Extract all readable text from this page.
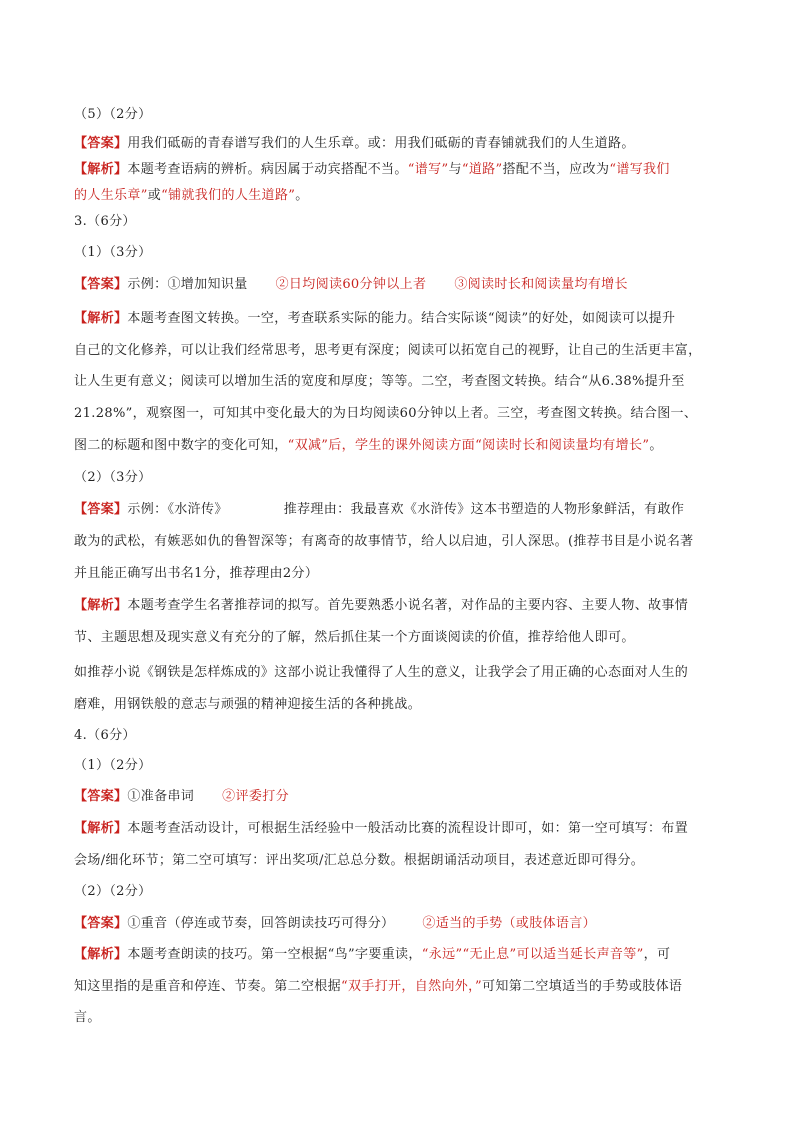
（5）（2分）
【答案】用我们砥砺的青春谱写我们的人生乐章。或：用我们砥砺的青春铺就我们的人生道路。
【解析】本题考查语病的辨析。病因属于动宾搭配不当。“谱写”与“道路”搭配不当，应改为“谱写我们
的人生乐章”或“铺就我们的人生道路”。
3.（6分）
（1）（3分）
【答案】示例：①增加知识量 ②日均阅读60分钟以上者 ③阅读时长和阅读量均有增长
【解析】本题考查图文转换。一空，考查联系实际的能力。结合实际谈“阅读”的好处，如阅读可以提升
自己的文化修养，可以让我们经常思考，思考更有深度；阅读可以拓宽自己的视野，让自己的生活更丰富，
让人生更有意义；阅读可以增加生活的宽度和厚度；等等。二空，考查图文转换。结合“从6.38%提升至
21.28%”，观察图一，可知其中变化最大的为日均阅读60分钟以上者。三空，考查图文转换。结合图一、
图二的标题和图中数字的变化可知，“双减”后，学生的课外阅读方面“阅读时长和阅读量均有增长”。
（2）（3分）
【答案】示例：《水浒传》	推荐理由：我最喜欢《水浒传》这本书塑造的人物形象鲜活，有敢作
敢为的武松，有嫉恶如仇的鲁智深等；有离奇的故事情节，给人以启迪，引人深思。(推荐书目是小说名著
并且能正确写出书名1分，推荐理由2分）
【解析】本题考查学生名著推荐词的拟写。首先要熟悉小说名著，对作品的主要内容、主要人物、故事情
节、主题思想及现实意义有充分的了解，然后抓住某一个方面谈阅读的价值，推荐给他人即可。
如推荐小说《钢铁是怎样炼成的》这部小说让我懂得了人生的意义，让我学会了用正确的心态面对人生的
磨难，用钢铁般的意志与顽强的精神迎接生活的各种挑战。
4.（6分）
（1）（2分）
【答案】①准备串词 ②评委打分
【解析】本题考查活动设计，可根据生活经验中一般活动比赛的流程设计即可，如：第一空可填写：布置
会场/细化环节；第二空可填写：评出奖项/汇总总分数。根据朗诵活动项目，表述意近即可得分。
（2）（2分）
【答案】①重音（停连或节奏，回答朗读技巧可得分） ②适当的手势（或肢体语言）
【解析】本题考查朗读的技巧。第一空根据“鸟”字要重读，“永远”“无止息”可以适当延长声音等”，可
知这里指的是重音和停连、节奏。第二空根据“双手打开，自然向外，”可知第二空填适当的手势或肢体语
言。
